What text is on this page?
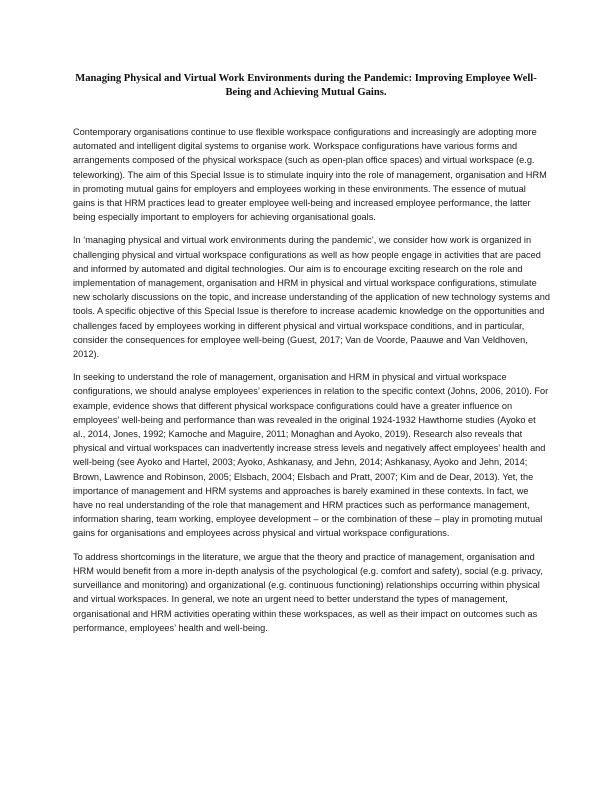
Managing Physical and Virtual Work Environments during the Pandemic: Improving Employee Well-Being and Achieving Mutual Gains.

Contemporary organisations continue to use flexible workspace configurations and increasingly are adopting more automated and intelligent digital systems to organise work. Workspace configurations have various forms and arrangements composed of the physical workspace (such as open-plan office spaces) and virtual workspace (e.g. teleworking). The aim of this Special Issue is to stimulate inquiry into the role of management, organisation and HRM in promoting mutual gains for employers and employees working in these environments. The essence of mutual gains is that HRM practices lead to greater employee well-being and increased employee performance, the latter being especially important to employers for achieving organisational goals.

In ‘managing physical and virtual work environments during the pandemic’, we consider how work is organized in challenging physical and virtual workspace configurations as well as how people engage in activities that are paced and informed by automated and digital technologies. Our aim is to encourage exciting research on the role and implementation of management, organisation and HRM in physical and virtual workspace configurations, stimulate new scholarly discussions on the topic, and increase understanding of the application of new technology systems and tools. A specific objective of this Special Issue is therefore to increase academic knowledge on the opportunities and challenges faced by employees working in different physical and virtual workspace conditions, and in particular, consider the consequences for employee well-being (Guest, 2017; Van de Voorde, Paauwe and Van Veldhoven, 2012).

In seeking to understand the role of management, organisation and HRM in physical and virtual workspace configurations, we should analyse employees’ experiences in relation to the specific context (Johns, 2006, 2010). For example, evidence shows that different physical workspace configurations could have a greater influence on employees’ well-being and performance than was revealed in the original 1924-1932 Hawthorne studies (Ayoko et al., 2014, Jones, 1992; Kamoche and Maguire, 2011; Monaghan and Ayoko, 2019). Research also reveals that physical and virtual workspaces can inadvertently increase stress levels and negatively affect employees’ health and well-being (see Ayoko and Hartel, 2003; Ayoko, Ashkanasy, and Jehn, 2014; Ashkanasy, Ayoko and Jehn, 2014; Brown, Lawrence and Robinson, 2005; Elsbach, 2004; Elsbach and Pratt, 2007; Kim and de Dear, 2013). Yet, the importance of management and HRM systems and approaches is barely examined in these contexts. In fact, we have no real understanding of the role that management and HRM practices such as performance management, information sharing, team working, employee development – or the combination of these – play in promoting mutual gains for organisations and employees across physical and virtual workspace configurations.

To address shortcomings in the literature, we argue that the theory and practice of management, organisation and HRM would benefit from a more in-depth analysis of the psychological (e.g. comfort and safety), social (e.g. privacy, surveillance and monitoring) and organizational (e.g. continuous functioning) relationships occurring within physical and virtual workspaces. In general, we note an urgent need to better understand the types of management, organisational and HRM activities operating within these workspaces, as well as their impact on outcomes such as performance, employees’ health and well-being.
